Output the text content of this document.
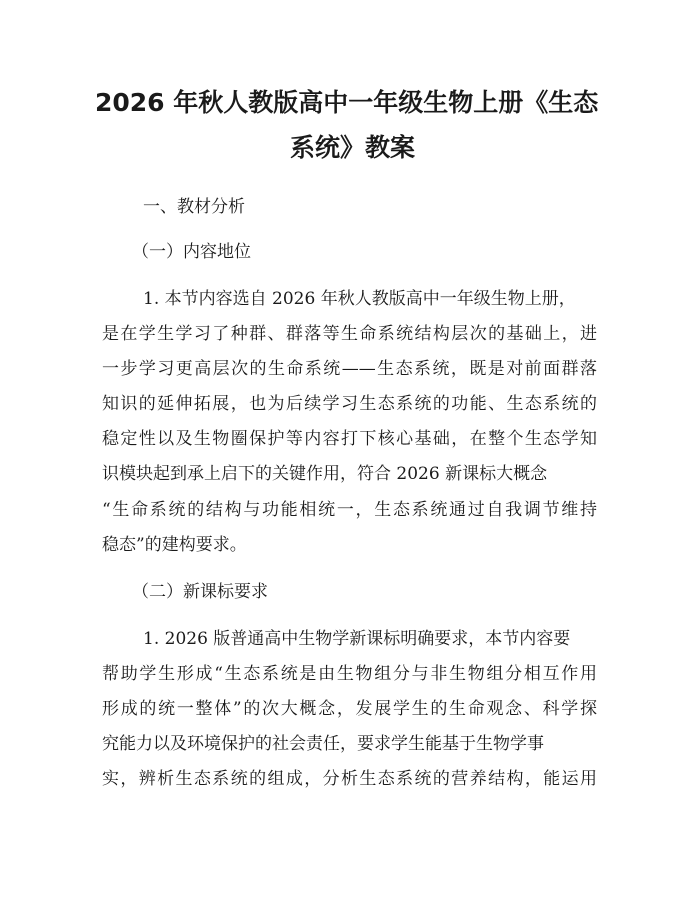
2026 年秋人教版高中一年级生物上册《生态
系统》教案
一、教材分析
（一）内容地位
1. 本节内容选自 2026 年秋人教版高中一年级生物上册，
是在学生学习了种群、群落等生命系统结构层次的基础上，进
一步学习更高层次的生命系统——生态系统，既是对前面群落
知识的延伸拓展，也为后续学习生态系统的功能、生态系统的
稳定性以及生物圈保护等内容打下核心基础，在整个生态学知
识模块起到承上启下的关键作用，符合 2026 新课标大概念
“生命系统的结构与功能相统一，生态系统通过自我调节维持
稳态”的建构要求。
（二）新课标要求
1. 2026 版普通高中生物学新课标明确要求，本节内容要
帮助学生形成“生态系统是由生物组分与非生物组分相互作用
形成的统一整体”的次大概念，发展学生的生命观念、科学探
究能力以及环境保护的社会责任，要求学生能基于生物学事
实，辨析生态系统的组成，分析生态系统的营养结构，能运用
